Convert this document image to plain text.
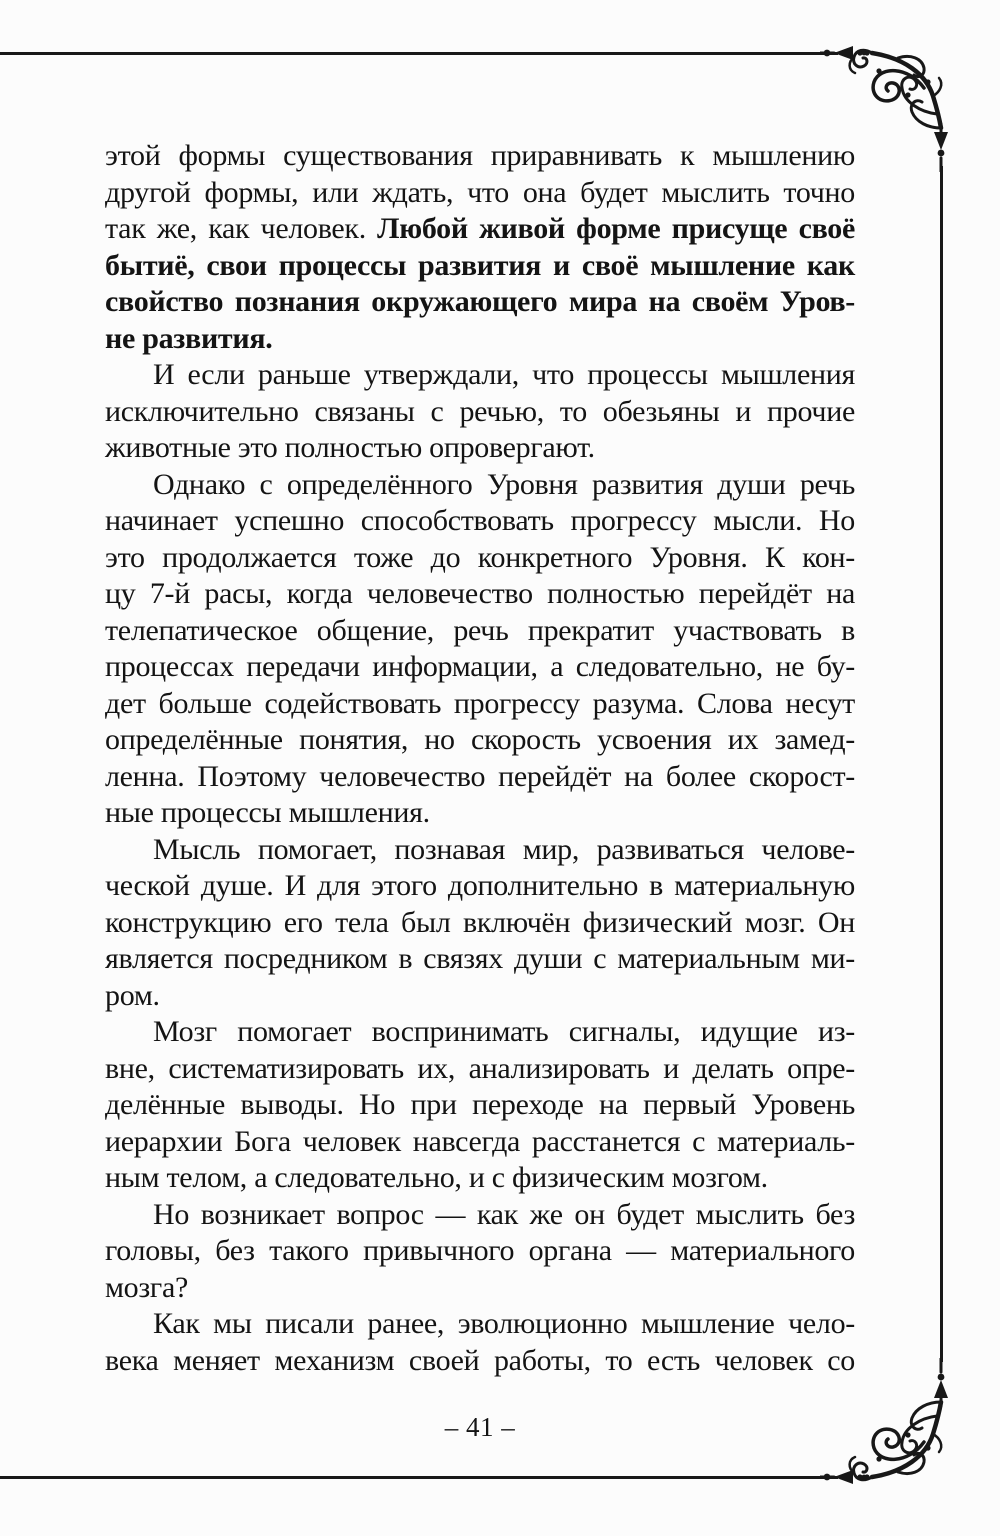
этой формы существования приравнивать к мышлению
другой формы, или ждать, что она будет мыслить точно
так же, как человек. Любой живой форме присуще своё
бытиё, свои процессы развития и своё мышление как
свойство познания окружающего мира на своём Уров-
не развития.
И если раньше утверждали, что процессы мышления
исключительно связаны с речью, то обезьяны и прочие
животные это полностью опровергают.
Однако с определённого Уровня развития души речь
начинает успешно способствовать прогрессу мысли. Но
это продолжается тоже до конкретного Уровня. К кон-
цу 7-й расы, когда человечество полностью перейдёт на
телепатическое общение, речь прекратит участвовать в
процессах передачи информации, а следовательно, не бу-
дет больше содействовать прогрессу разума. Слова несут
определённые понятия, но скорость усвоения их замед-
ленна. Поэтому человечество перейдёт на более скорост-
ные процессы мышления.
Мысль помогает, познавая мир, развиваться челове-
ческой душе. И для этого дополнительно в материальную
конструкцию его тела был включён физический мозг. Он
является посредником в связях души с материальным ми-
ром.
Мозг помогает воспринимать сигналы, идущие из-
вне, систематизировать их, анализировать и делать опре-
делённые выводы. Но при переходе на первый Уровень
иерархии Бога человек навсегда расстанется с материаль-
ным телом, а следовательно, и с физическим мозгом.
Но возникает вопрос — как же он будет мыслить без
головы, без такого привычного органа — материального
мозга?
Как мы писали ранее, эволюционно мышление чело-
века меняет механизм своей работы, то есть человек со
– 41 –
